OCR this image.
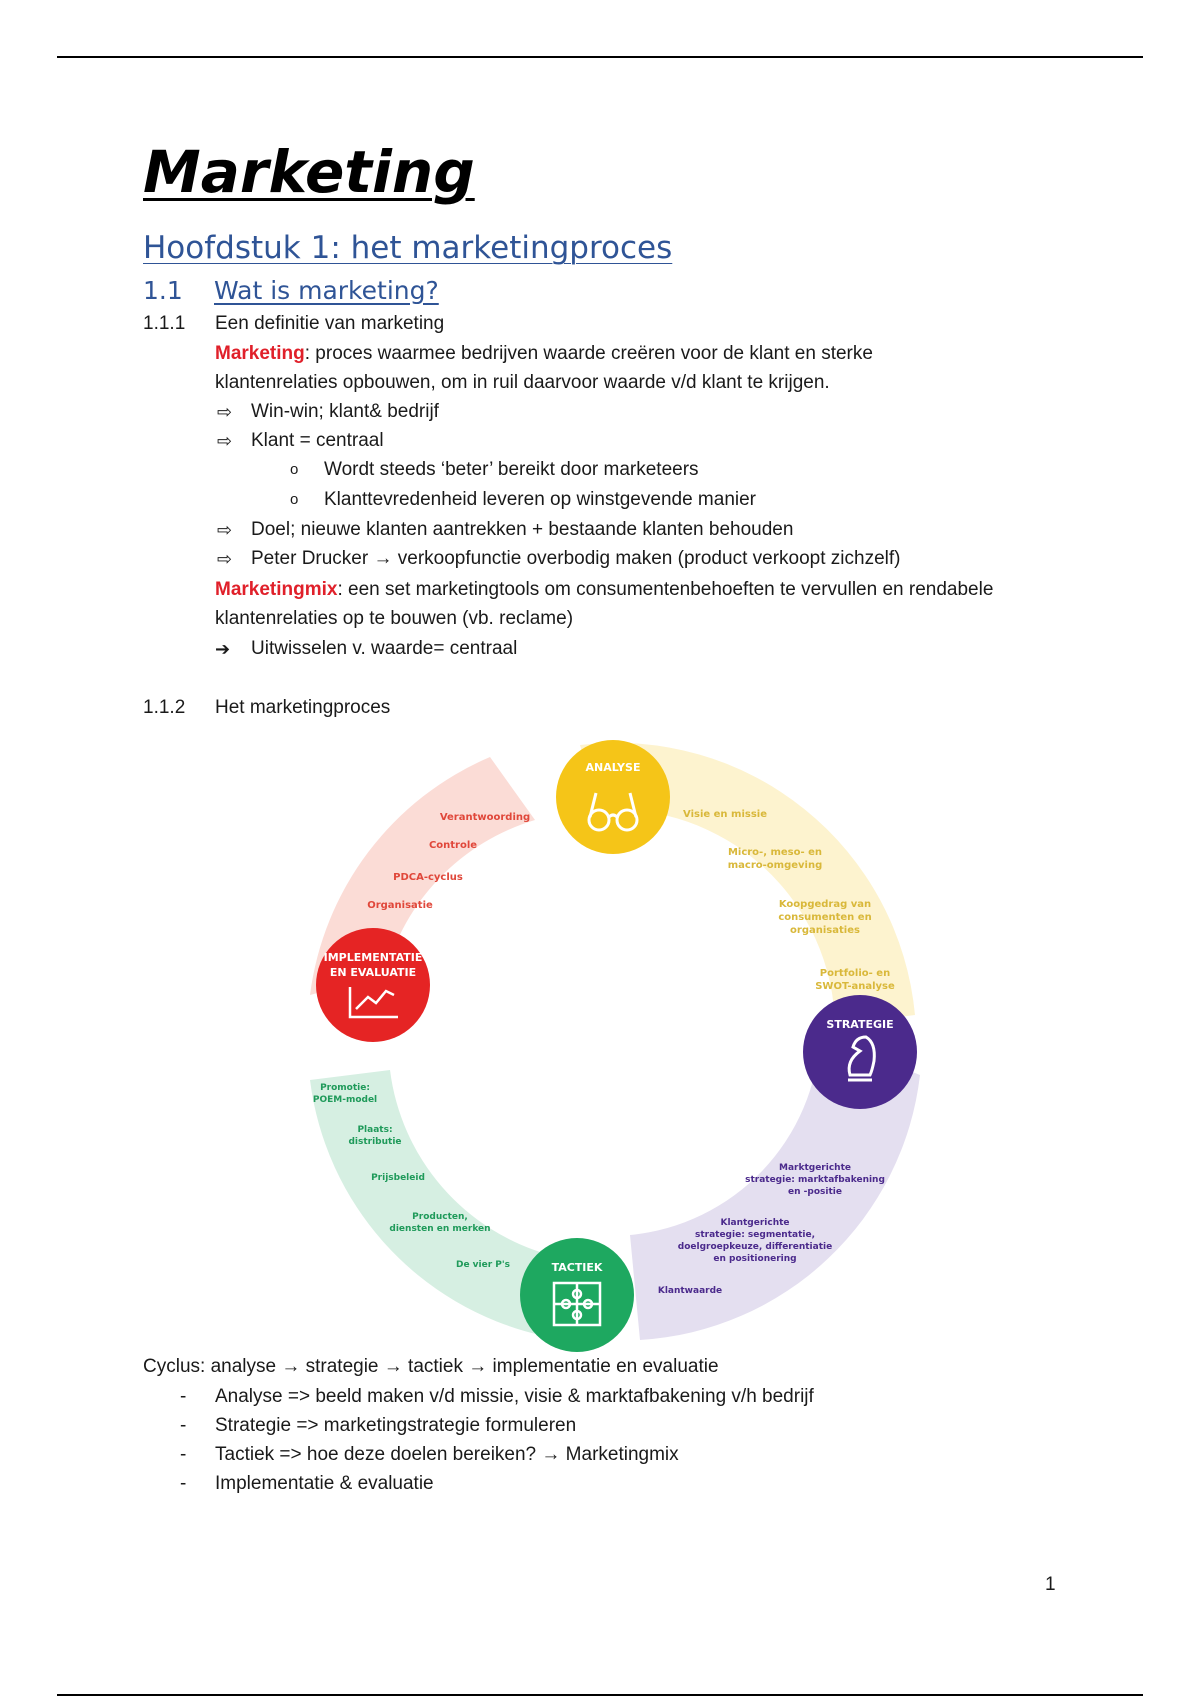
Marketing
Hoofdstuk 1: het marketingproces
1.1 Wat is marketing?
1.1.1 Een definitie van marketing
Marketing: proces waarmee bedrijven waarde creëren voor de klant en sterke
klantenrelaties opbouwen, om in ruil daarvoor waarde v/d klant te krijgen.
⇨ Win-win; klant& bedrijf
⇨ Klant = centraal
o Wordt steeds ‘beter’ bereikt door marketeers
o Klanttevredenheid leveren op winstgevende manier
⇨ Doel; nieuwe klanten aantrekken + bestaande klanten behouden
⇨ Peter Drucker → verkoopfunctie overbodig maken (product verkoopt zichzelf)
Marketingmix: een set marketingtools om consumentenbehoeften te vervullen en rendabele
klantenrelaties op te bouwen (vb. reclame)
➔ Uitwisselen v. waarde= centraal
1.1.2 Het marketingproces
Visie en missie
Micro-, meso- en
macro-omgeving
Koopgedrag van
consumenten en
organisaties
Portfolio- en
SWOT-analyse
Marktgerichte
strategie: marktafbakening
en -positie
Klantgerichte
strategie: segmentatie,
doelgroepkeuze, differentiatie
en positionering
Klantwaarde
Promotie:
POEM-model
Plaats:
distributie
Prijsbeleid
Producten,
diensten en merken
De vier P's
Verantwoording
Controle
PDCA-cyclus
Organisatie
ANALYSE
STRATEGIE
TACTIEK
IMPLEMENTATIE
EN EVALUATIE
Cyclus: analyse → strategie → tactiek → implementatie en evaluatie
- Analyse => beeld maken v/d missie, visie & marktafbakening v/h bedrijf
- Strategie => marketingstrategie formuleren
- Tactiek => hoe deze doelen bereiken? → Marketingmix
- Implementatie & evaluatie
1
